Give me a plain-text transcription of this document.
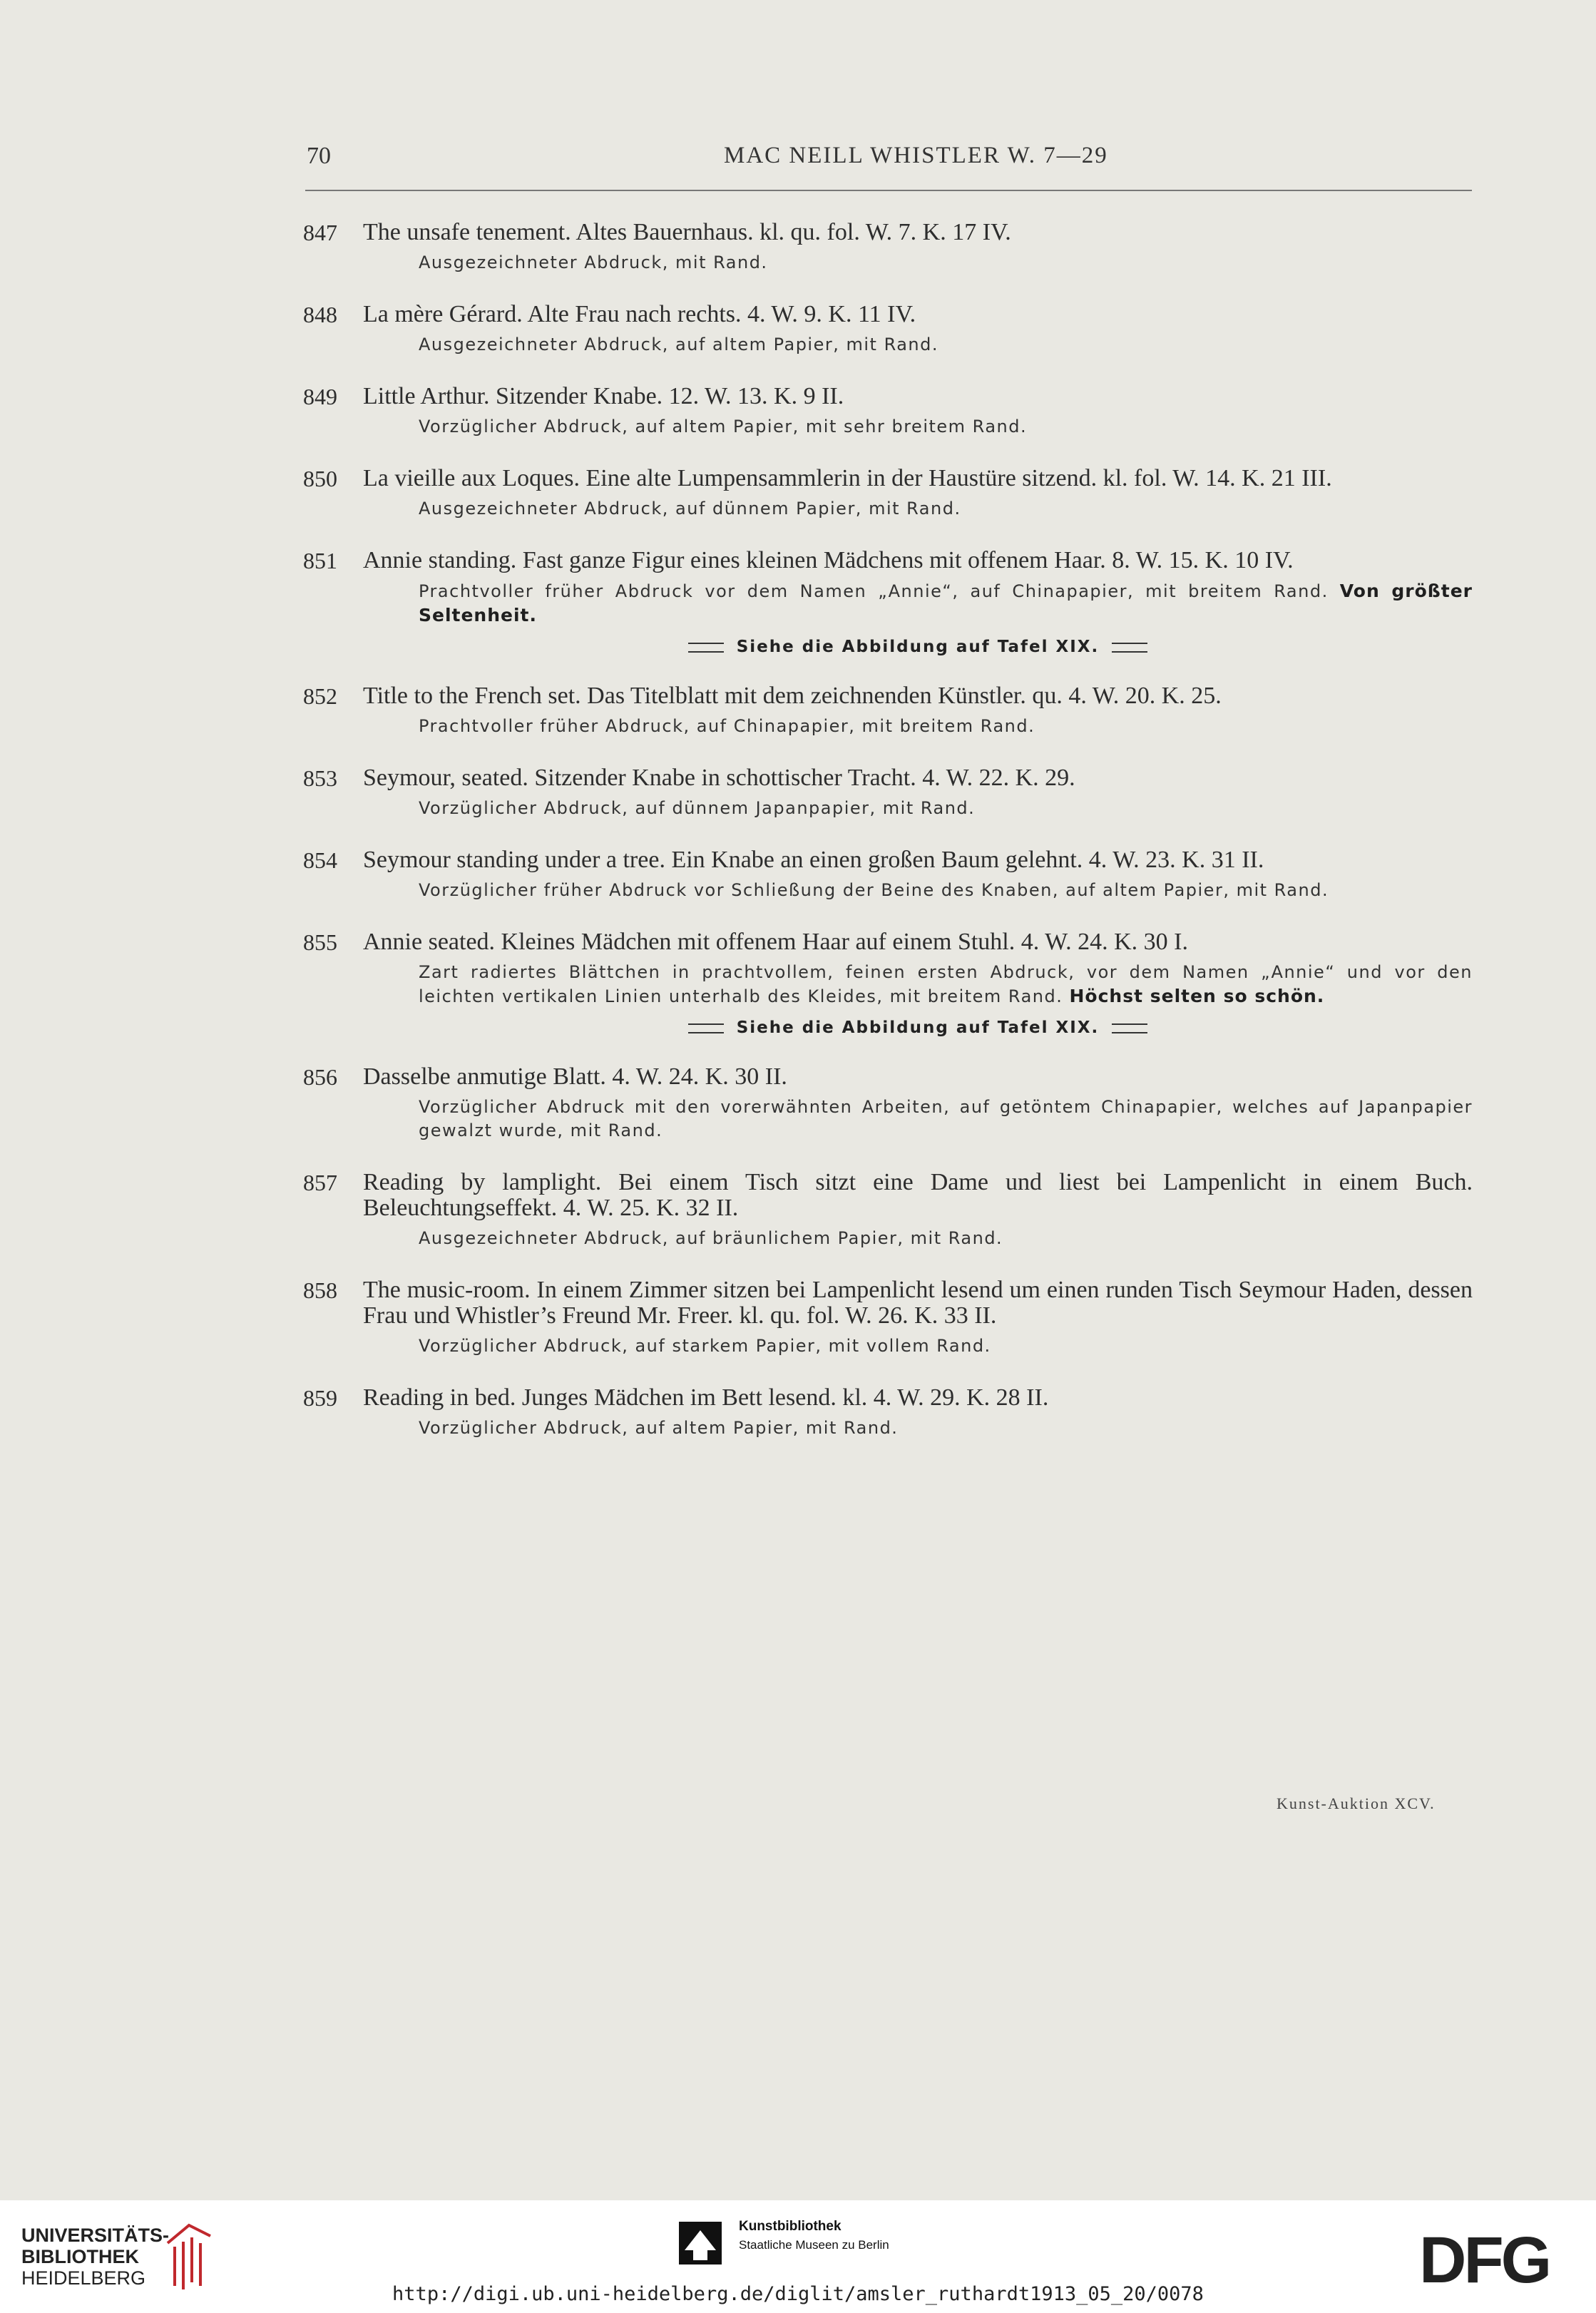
70	MAC NEILL WHISTLER W. 7—29
847	The unsafe tenement. Altes Bauernhaus. kl. qu. fol. W. 7. K. 17 IV.
Ausgezeichneter Abdruck, mit Rand.
848	La mère Gérard. Alte Frau nach rechts. 4. W. 9. K. 11 IV.
Ausgezeichneter Abdruck, auf altem Papier, mit Rand.
849	Little Arthur. Sitzender Knabe. 12. W. 13. K. 9 II.
Vorzüglicher Abdruck, auf altem Papier, mit sehr breitem Rand.
850	La vieille aux Loques. Eine alte Lumpensammlerin in der Haustüre sitzend. kl. fol. W. 14. K. 21 III.
Ausgezeichneter Abdruck, auf dünnem Papier, mit Rand.
851	Annie standing. Fast ganze Figur eines kleinen Mädchens mit offenem Haar. 8. W. 15. K. 10 IV.
Prachtvoller früher Abdruck vor dem Namen „Annie“, auf Chinapapier, mit breitem Rand. Von größter Seltenheit.
Siehe die Abbildung auf Tafel XIX.
852	Title to the French set. Das Titelblatt mit dem zeichnenden Künstler. qu. 4. W. 20. K. 25.
Prachtvoller früher Abdruck, auf Chinapapier, mit breitem Rand.
853	Seymour, seated. Sitzender Knabe in schottischer Tracht. 4. W. 22. K. 29.
Vorzüglicher Abdruck, auf dünnem Japanpapier, mit Rand.
854	Seymour standing under a tree. Ein Knabe an einen großen Baum gelehnt. 4. W. 23. K. 31 II.
Vorzüglicher früher Abdruck vor Schließung der Beine des Knaben, auf altem Papier, mit Rand.
855	Annie seated. Kleines Mädchen mit offenem Haar auf einem Stuhl. 4. W. 24. K. 30 I.
Zart radiertes Blättchen in prachtvollem, feinen ersten Abdruck, vor dem Namen „Annie“ und vor den leichten vertikalen Linien unterhalb des Kleides, mit breitem Rand. Höchst selten so schön.
Siehe die Abbildung auf Tafel XIX.
856	Dasselbe anmutige Blatt. 4. W. 24. K. 30 II.
Vorzüglicher Abdruck mit den vorerwähnten Arbeiten, auf getöntem Chinapapier, welches auf Japanpapier gewalzt wurde, mit Rand.
857	Reading by lamplight. Bei einem Tisch sitzt eine Dame und liest bei Lampenlicht in einem Buch. Beleuchtungseffekt. 4. W. 25. K. 32 II.
Ausgezeichneter Abdruck, auf bräunlichem Papier, mit Rand.
858	The music-room. In einem Zimmer sitzen bei Lampenlicht lesend um einen runden Tisch Seymour Haden, dessen Frau und Whistler’s Freund Mr. Freer. kl. qu. fol. W. 26. K. 33 II.
Vorzüglicher Abdruck, auf starkem Papier, mit vollem Rand.
859	Reading in bed. Junges Mädchen im Bett lesend. kl. 4. W. 29. K. 28 II.
Vorzüglicher Abdruck, auf altem Papier, mit Rand.
Kunst-Auktion XCV.
UNIVERSITÄTS-
BIBLIOTHEK
HEIDELBERG
Kunstbibliothek
Staatliche Museen zu Berlin	DFG
http://digi.ub.uni-heidelberg.de/diglit/amsler_ruthardt1913_05_20/0078
